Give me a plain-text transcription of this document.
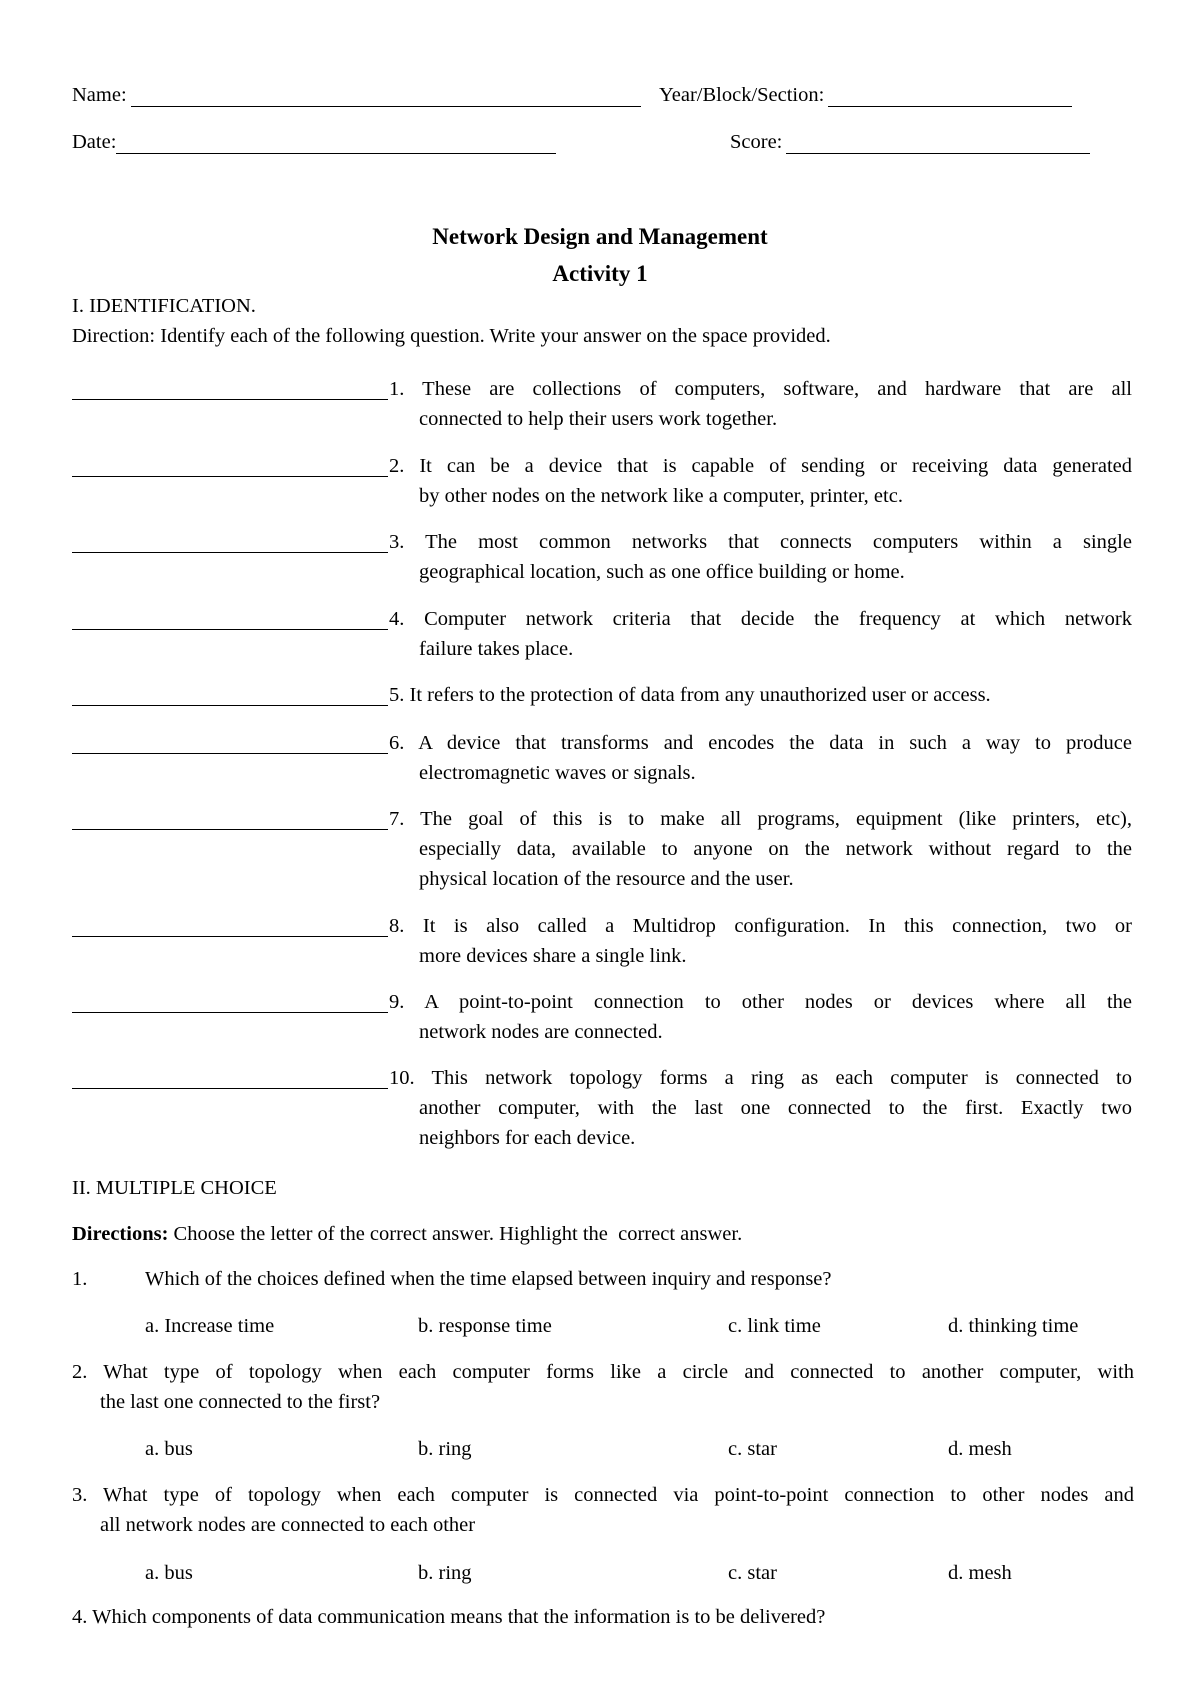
Name:	Year/Block/Section:
Date:	Score:
Network Design and Management
Activity 1
I. IDENTIFICATION.
Direction: Identify each of the following question. Write your answer on the space provided.
1. These are collections of computers, software, and hardware that are all
connected to help their users work together.
2. It can be a device that is capable of sending or receiving data generated
by other nodes on the network like a computer, printer, etc.
3. The most common networks that connects computers within a single
geographical location, such as one office building or home.
4. Computer network criteria that decide the frequency at which network
failure takes place.
5. It refers to the protection of data from any unauthorized user or access.
6. A device that transforms and encodes the data in such a way to produce
electromagnetic waves or signals.
7. The goal of this is to make all programs, equipment (like printers, etc),
especially data, available to anyone on the network without regard to the
physical location of the resource and the user.
8. It is also called a Multidrop configuration. In this connection, two or
more devices share a single link.
9. A point-to-point connection to other nodes or devices where all the
network nodes are connected.
10. This network topology forms a ring as each computer is connected to
another computer, with the last one connected to the first. Exactly two
neighbors for each device.
II. MULTIPLE CHOICE
Directions: Choose the letter of the correct answer. Highlight the  correct answer.
1.	Which of the choices defined when the time elapsed between inquiry and response?
a. Increase time	b. response time	c. link time	d. thinking time
2. What type of topology when each computer forms like a circle and connected to another computer, with
the last one connected to the first?
a. bus	b. ring	c. star	d. mesh
3. What type of topology when each computer is connected via point-to-point connection to other nodes and
all network nodes are connected to each other
a. bus	b. ring	c. star	d. mesh
4. Which components of data communication means that the information is to be delivered?
